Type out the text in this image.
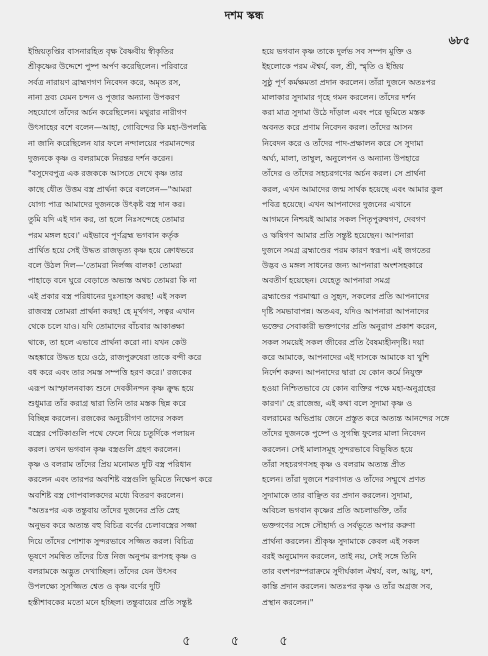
দশম স্কন্ধ
৬৮৫
ইন্দ্রিয়তৃপ্তির বাসনারহিত বৃক্ষ বৈষ্ণবীয় স্বীকৃতির
শ্রীকৃষ্ণের উদ্দেশে পুষ্প অর্পণ করেছিলেন। পরিবারে
সর্বত্র নারায়ণ ব্রাহ্মণগণ নিবেদন করে, অমৃত রস,
নানা দ্রব্য যেমন চন্দন ও পূজার অন্যান্য উপকরণ
সহযোগে তাঁদের অর্চন করেছিলেন। মথুরার নারীগণ
উৎসাহের বশে বলেন—আহা, গোবিন্দের কি মহা-উপলব্ধি
না জানি করেছিলেন যার ফলে নন্দালয়ের পরমানন্দের
দুজনকে কৃষ্ণ ও বলরামকে নিরন্তর দর্শন করেন।
"বসুদেবপুত্র এক রজককে আসতে দেখে কৃষ্ণ তার
কাছে ধৌত উত্তম বস্ত্র প্রার্থনা করে বললেন—"আমরা
যোগ্য পাত্র আমাদের দুজনকে উৎকৃষ্ট বস্ত্র দান কর।
তুমি যদি এই দান কর, তা হলে নিঃসন্দেহে তোমার
পরম মঙ্গল হবে।' এইভাবে পূর্ণব্রহ্ম ভগবান কর্তৃক
প্রার্থিত হয়ে সেই উদ্ধত রাজভৃত্য কৃষ্ণ হয়ে ক্রোধভরে
বলে উঠল দিল—'তোমরা নির্লজ্জ বালক! তোমরা
পাহাড়ে বনে ঘুরে বেড়াতে অভ্যস্ত অথচ তোমরা কি না
এই প্রকার বস্ত্র পরিধানের দুঃসাহস করছ! এই সকল
রাজবস্ত্র তোমরা প্রার্থনা করছ! হে মূর্খগণ, সত্বর এখান
থেকে চলে যাও। যদি তোমাদের বাঁচবার আকাঙ্ক্ষা
থাকে, তা হলে এভাবে প্রার্থনা করো না। যখন কেউ
অহঙ্কারে উদ্ধত হয়ে ওঠে, রাজপুরুষেরা তাকে বন্দী করে
বধ করে এবং তার সমস্ত সম্পত্তি হরণ করে।' রজকের
এরূপ আস্ফালনবাক্য শুনে দেবকীনন্দন কৃষ্ণ ক্রুদ্ধ হয়ে
শুধুমাত্র তাঁর করাগ্র দ্বারা তিনি তার মস্তক ছিন্ন করে
বিচ্ছিন্ন করলেন। রজকের অনুচরীগণ তাদের সকল
বস্ত্রের পেটিকাগুলি পথে ফেলে দিয়ে চতুর্দিকে পলায়ন
করল। তখন ভগবান কৃষ্ণ বস্ত্রগুলি গ্রহণ করলেন।
কৃষ্ণ ও বলরাম তাঁদের প্রিয় মনোমত দুটি বস্ত্র পরিধান
করলেন এবং তারপর অবশিষ্ট বস্ত্রগুলি ভূমিতে নিক্ষেপ করে
অবশিষ্ট বস্ত্র গোপবালকদের মধ্যে বিতরণ করলেন।
"অতঃপর এক তন্তুবায় তাঁদের দুজনের প্রতি স্নেহ
অনুভব করে অত্যন্ত বহু বিচিত্র বর্ণের চেলাবস্ত্রের সজ্জা
দিয়ে তাঁদের পোশাক সুন্দরভাবে সজ্জিত করল। বিচিত্র
ভূষণে সমন্বিত তাঁদের চিত্ত নিজ অনুপম রূপসহ কৃষ্ণ ও
বলরামকে অদ্ভুত দেখাচ্ছিল। তাঁদের যেন উৎসব
উপলক্ষ্যে সুসজ্জিত শ্বেত ও কৃষ্ণ বর্ণের দুটি
হস্তীশাবকের মতো মনে হচ্ছিল। তন্তুবায়ের প্রতি সন্তুষ্ট
হয়ে ভগবান কৃষ্ণ তাকে দুর্লভ সব সম্পদ মুক্তি ও
ইহলোকে পরম ঐশ্বর্য, বল, শ্রী, স্মৃতি ও ইন্দ্রিয়
সুষ্ঠু পূর্ণ কর্মক্ষমতা প্রদান করলেন। তাঁরা দুজনে অতঃপর
মালাকার সুদামার গৃহে গমন করলেন। তাঁদের দর্শন
করা মাত্র সুদামা উঠে দাঁড়াল এবং পরে ভূমিতে মস্তক
অবনত করে প্রণাম নিবেদন করল। তাঁদের আসন
নিবেদন করে ও তাঁদের পাদ-প্রক্ষালন করে সে সুদামা
অর্ঘ্য, মালা, তাম্বুল, অনুলেপন ও অন্যান্য উপহারে
তাঁদের ও তাঁদের সহচরগণের অর্চন করল। সে প্রার্থনা
করল, এখন আমাদের জন্ম সার্থক হয়েছে এবং আমার কুল
পবিত্র হয়েছে। এখন আপনাদের দুজনের এখানে
আগমনে নিশ্চয়ই আমার সকল পিতৃপুরুষগণ, দেবগণ
ও ঋষিগণ আমার প্রতি সন্তুষ্ট হয়েছেন। আপনারা
দুজনে সমগ্র ব্রহ্মাণ্ডের পরম কারণ স্বরূপ। এই জগতের
উদ্ভব ও মঙ্গল সাধনের জন্য আপনারা অংশসহকারে
অবতীর্ণ হয়েছেন। যেহেতু আপনারা সমগ্র
ব্রহ্মাণ্ডের পরমাত্মা ও সুহৃদ, সকলের প্রতি আপনাদের
দৃষ্টি সমভাবাপন্ন। অতএব, যদিও আপনারা আপনাদের
ভক্তের সেবাকারী ভক্তগণের প্রতি অনুরাগ প্রকাশ করেন,
সকল সময়েই সকল জীবের প্রতি বৈষম্যহীনদৃষ্টি। দয়া
করে আমাকে, আপনাদের এই দাসকে আমাকে যা খুশি
নির্দেশ করুন। আপনাদের দ্বারা যে কোন কর্মে নিযুক্ত
হওয়া নিশ্চিতভাবে যে কোন ব্যক্তির পক্ষে মহা-অনুগ্রহের
কারণ।' হে রাজেন্দ্র, এই কথা বলে সুদামা কৃষ্ণ ও
বলরামের অভিপ্রায় জেনে প্রস্তুত করে অত্যন্ত আনন্দের সঙ্গে
তাঁদের দুজনকে পুষ্পে ও সুগন্ধি ফুলের মালা নিবেদন
করলেন। সেই মালাসমূহ সুন্দরভাবে বিভূষিত হয়ে
তাঁরা সহচরগণসহ কৃষ্ণ ও বলরাম অত্যন্ত প্রীত
হলেন। তাঁরা দুজনে শরণাগত ও তাঁদের সম্মুখে প্রণত
সুদামাকে তার বাঞ্ছিত বর প্রদান করলেন। সুদামা,
অবিচল ভগবান কৃষ্ণের প্রতি অচলাভক্তি, তাঁর
ভক্তগণের সঙ্গে সৌহার্দ্য ও সর্বভূতে অপার করুণা
প্রার্থনা করলেন। শ্রীকৃষ্ণ সুদামাকে কেবল এই সকল
বরই অনুমোদন করলেন, তাই নয়, সেই সঙ্গে তিনি
তার বংশপরম্পরাক্রমে সুদীর্ঘকাল ঐশ্বর্য, বল, আয়ু, যশ,
কান্তি প্রদান করলেন। অতঃপর কৃষ্ণ ও তাঁর অগ্রজ সব,
প্রস্থান করলেন।"
৫ ৫ ৫
